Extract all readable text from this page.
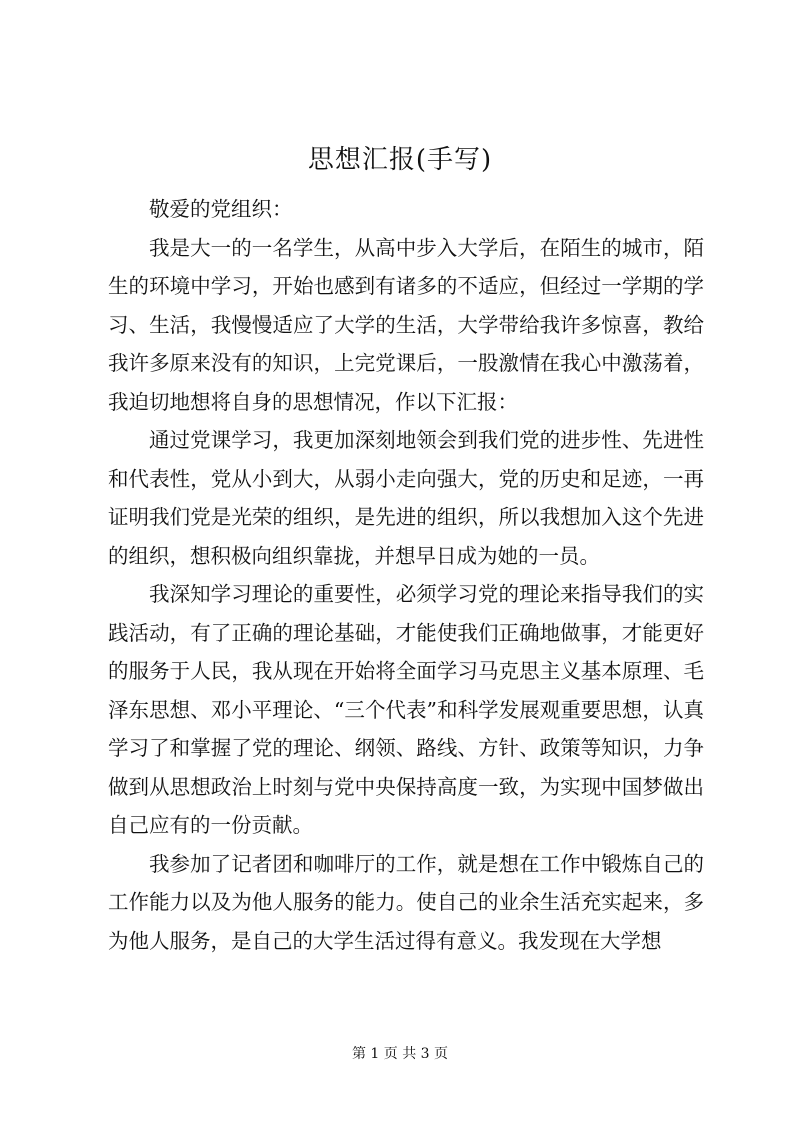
思想汇报(手写)

敬爱的党组织：

我是大一的一名学生，从高中步入大学后，在陌生的城市，陌生的环境中学习，开始也感到有诸多的不适应，但经过一学期的学习、生活，我慢慢适应了大学的生活，大学带给我许多惊喜，教给我许多原来没有的知识，上完党课后，一股激情在我心中激荡着，我迫切地想将自身的思想情况，作以下汇报：

通过党课学习，我更加深刻地领会到我们党的进步性、先进性和代表性，党从小到大，从弱小走向强大，党的历史和足迹，一再证明我们党是光荣的组织，是先进的组织，所以我想加入这个先进的组织，想积极向组织靠拢，并想早日成为她的一员。

我深知学习理论的重要性，必须学习党的理论来指导我们的实践活动，有了正确的理论基础，才能使我们正确地做事，才能更好的服务于人民，我从现在开始将全面学习马克思主义基本原理、毛泽东思想、邓小平理论、“三个代表”和科学发展观重要思想，认真学习了和掌握了党的理论、纲领、路线、方针、政策等知识，力争做到从思想政治上时刻与党中央保持高度一致，为实现中国梦做出自己应有的一份贡献。

我参加了记者团和咖啡厅的工作，就是想在工作中锻炼自己的工作能力以及为他人服务的能力。使自己的业余生活充实起来，多为他人服务，是自己的大学生活过得有意义。我发现在大学想

第 1 页 共 3 页
